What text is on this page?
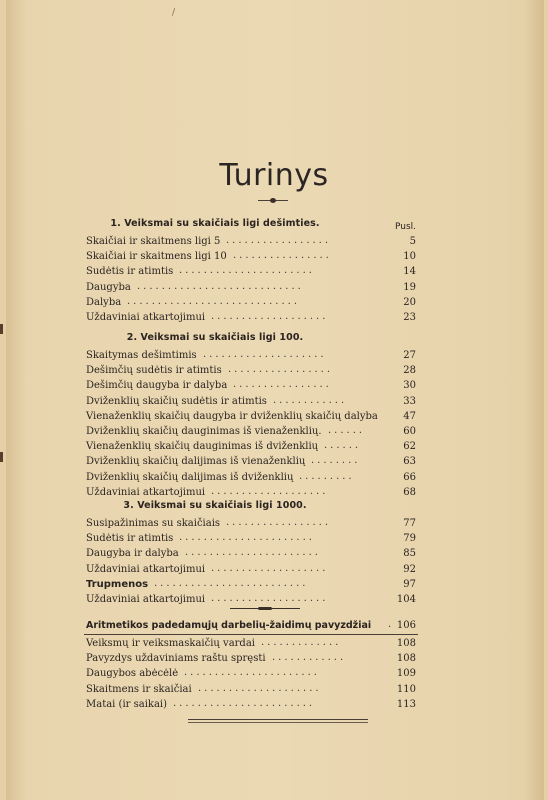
/
Turinys
1. Veiksmai su skaičiais ligi dešimties.	Pusl.
Skaičiai ir skaitmens ligi 5 .................	5
Skaičiai ir skaitmens ligi 10 ................	10
Sudėtis ir atimtis ......................	14
Daugyba ...........................	19
Dalyba ............................	20
Uždaviniai atkartojimui ...................	23
2. Veiksmai su skaičiais ligi 100.
Skaitymas dešimtimis ....................	27
Dešimčių sudėtis ir atimtis .................	28
Dešimčių daugyba ir dalyba ................	30
Dviženklių skaičių sudėtis ir atimtis ............	33
Vienaženklių skaičių daugyba ir dviženklių skaičių dalyba	47
Dviženklių skaičių dauginimas iš vienaženklių. ......	60
Vienaženklių skaičių dauginimas iš dviženklių ......	62
Dviženklių skaičių dalijimas iš vienaženklių ........	63
Dviženklių skaičių dalijimas iš dviženklių .........	66
Uždaviniai atkartojimui ...................	68
3. Veiksmai su skaičiais ligi 1000.
Susipažinimas su skaičiais .................	77
Sudėtis ir atimtis ......................	79
Daugyba ir dalyba ......................	85
Uždaviniai atkartojimui ...................	92
Trupmenos .........................	97
Uždaviniai atkartojimui ...................	104
Aritmetikos padedamųjų darbelių-žaidimų pavyzdžiai . 106
Veiksmų ir veiksmaskaičių vardai .............	108
Pavyzdys uždaviniams raštu spręsti ............	108
Daugybos abėcėlė ......................	109
Skaitmens ir skaičiai ....................	110
Matai (ir saikai) .......................	113
